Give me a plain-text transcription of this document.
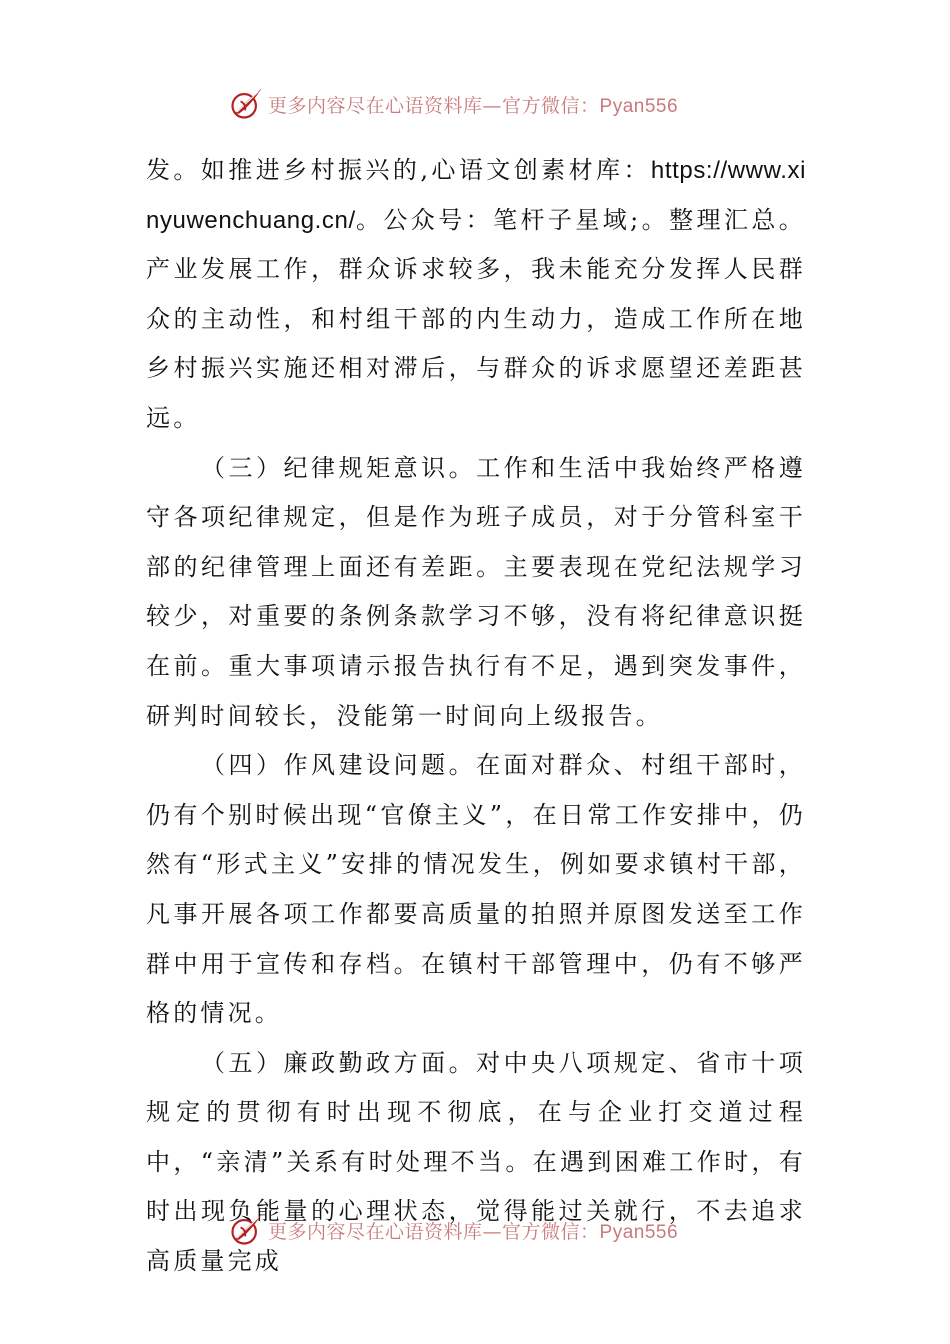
更多内容尽在心语资料库—官方微信：Pyan556

发。如推进乡村振兴的,心语文创素材库：https://www.xinyuwenchuang.cn/。公众号：笔杆子星域;。整理汇总。产业发展工作，群众诉求较多，我未能充分发挥人民群众的主动性，和村组干部的内生动力，造成工作所在地乡村振兴实施还相对滞后，与群众的诉求愿望还差距甚远。

（三）纪律规矩意识。工作和生活中我始终严格遵守各项纪律规定，但是作为班子成员，对于分管科室干部的纪律管理上面还有差距。主要表现在党纪法规学习较少，对重要的条例条款学习不够，没有将纪律意识挺在前。重大事项请示报告执行有不足，遇到突发事件，研判时间较长，没能第一时间向上级报告。

（四）作风建设问题。在面对群众、村组干部时，仍有个别时候出现“官僚主义”，在日常工作安排中，仍然有“形式主义”安排的情况发生，例如要求镇村干部，凡事开展各项工作都要高质量的拍照并原图发送至工作群中用于宣传和存档。在镇村干部管理中，仍有不够严格的情况。

（五）廉政勤政方面。对中央八项规定、省市十项规定的贯彻有时出现不彻底，在与企业打交道过程中，“亲清”关系有时处理不当。在遇到困难工作时，有时出现负能量的心理状态，觉得能过关就行，不去追求高质量完成

更多内容尽在心语资料库—官方微信：Pyan556
